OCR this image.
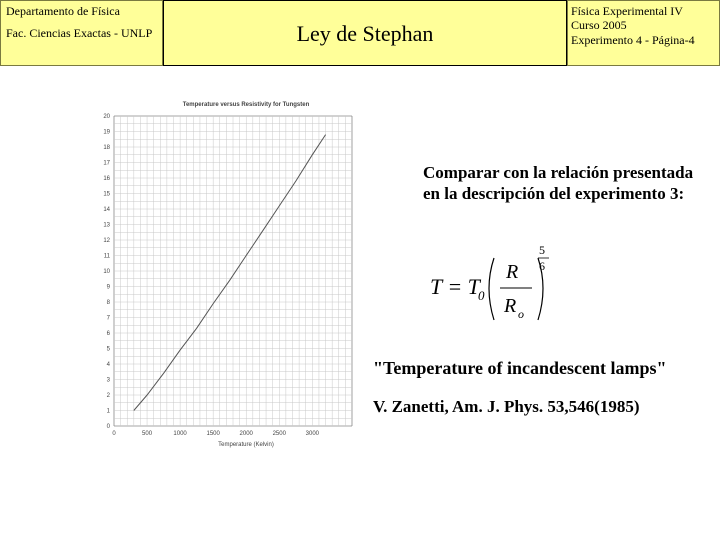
Departamento de Física
Fac. Ciencias Exactas - UNLP	Ley de Stephan
Física Experimental IV
Curso 2005
Experimento 4 - Página-4
Temperature versus Resistivity for Tungsten
Temperature (Kelvin)
0
1
2
3
4
5
6
7
8
9
10
11
12
13
14
15
16
17
18
19
20
0	500	1000	1500	2000	2500	3000
Comparar con la relación presentada en la descripción del experimento 3:
T = T
0
R
R o
5
6
"Temperature of incandescent lamps"
V. Zanetti, Am. J. Phys. 53,546(1985)
